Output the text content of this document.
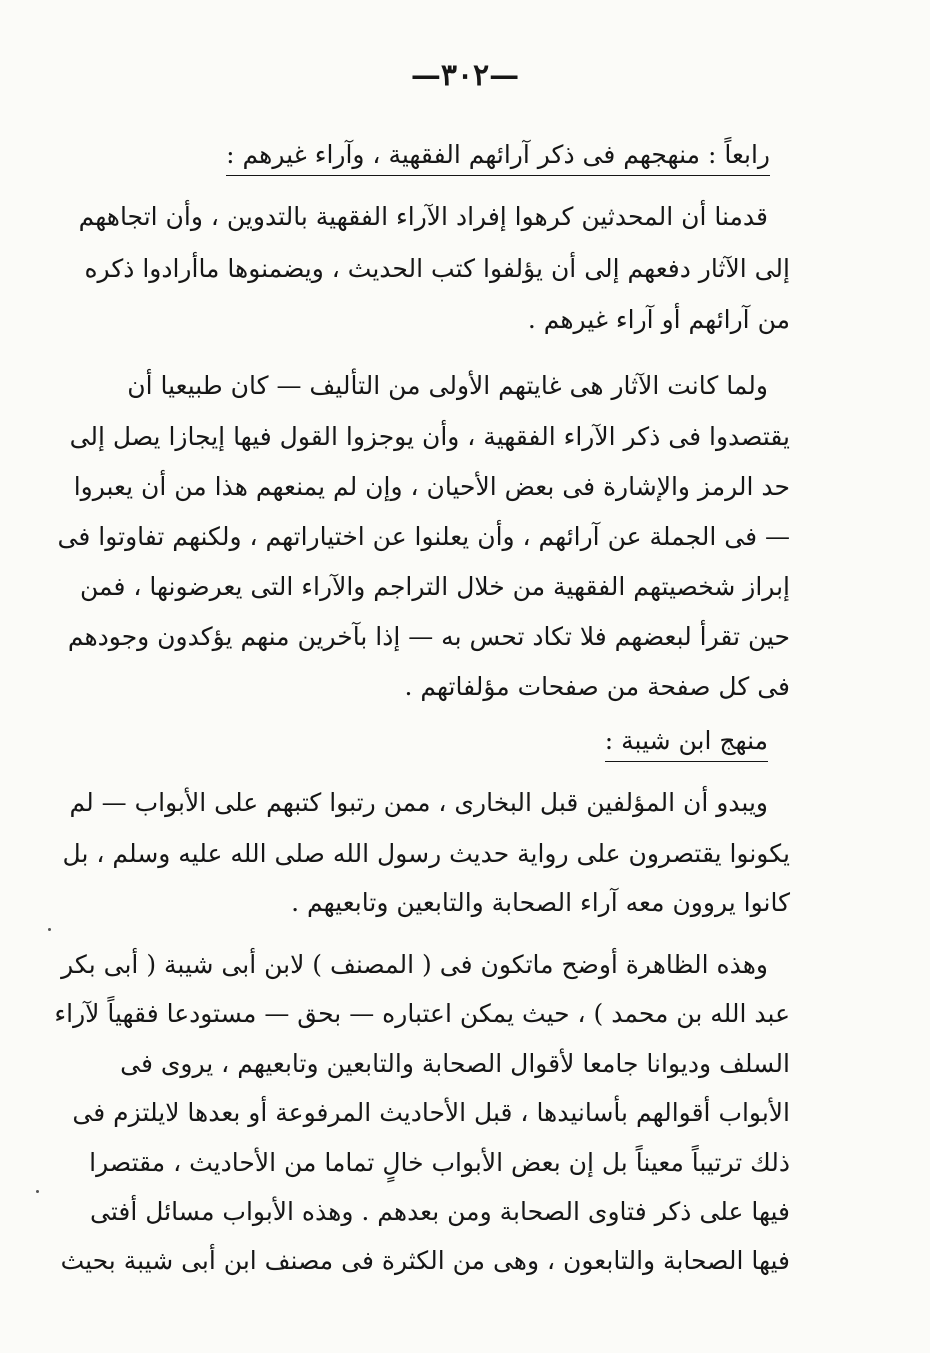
—٣٠٢—
رابعاً : منهجهم فى ذكر آرائهم الفقهية ، وآراء غيرهم :
قدمنا أن المحدثين كرهوا إفراد الآراء الفقهية بالتدوين ، وأن اتجاههم
إلى الآثار دفعهم إلى أن يؤلفوا كتب الحديث ، ويضمنوها ماأرادوا ذكره
من آرائهم أو آراء غيرهم .
ولما كانت الآثار هى غايتهم الأولى من التأليف — كان طبيعيا أن
يقتصدوا فى ذكر الآراء الفقهية ، وأن يوجزوا القول فيها إيجازا يصل إلى
حد الرمز والإشارة فى بعض الأحيان ، وإن لم يمنعهم هذا من أن يعبروا
— فى الجملة عن آرائهم ، وأن يعلنوا عن اختياراتهم ، ولكنهم تفاوتوا فى
إبراز شخصيتهم الفقهية من خلال التراجم والآراء التى يعرضونها ، فمن
حين تقرأ لبعضهم فلا تكاد تحس به — إذا بآخرين منهم يؤكدون وجودهم
فى كل صفحة من صفحات مؤلفاتهم .
منهج ابن شيبة :
ويبدو أن المؤلفين قبل البخارى ، ممن رتبوا كتبهم على الأبواب — لم
يكونوا يقتصرون على رواية حديث رسول الله صلى الله عليه وسلم ، بل
كانوا يروون معه آراء الصحابة والتابعين وتابعيهم .
وهذه الظاهرة أوضح ماتكون فى ( المصنف ) لابن أبى شيبة ( أبى بكر
عبد الله بن محمد ) ، حيث يمكن اعتباره — بحق — مستودعا فقهياً لآراء
السلف وديوانا جامعا لأقوال الصحابة والتابعين وتابعيهم ، يروى فى
الأبواب أقوالهم بأسانيدها ، قبل الأحاديث المرفوعة أو بعدها لايلتزم فى
ذلك ترتيباً معيناً بل إن بعض الأبواب خالٍ تماما من الأحاديث ، مقتصرا
فيها على ذكر فتاوى الصحابة ومن بعدهم . وهذه الأبواب مسائل أفتى
فيها الصحابة والتابعون ، وهى من الكثرة فى مصنف ابن أبى شيبة بحيث
